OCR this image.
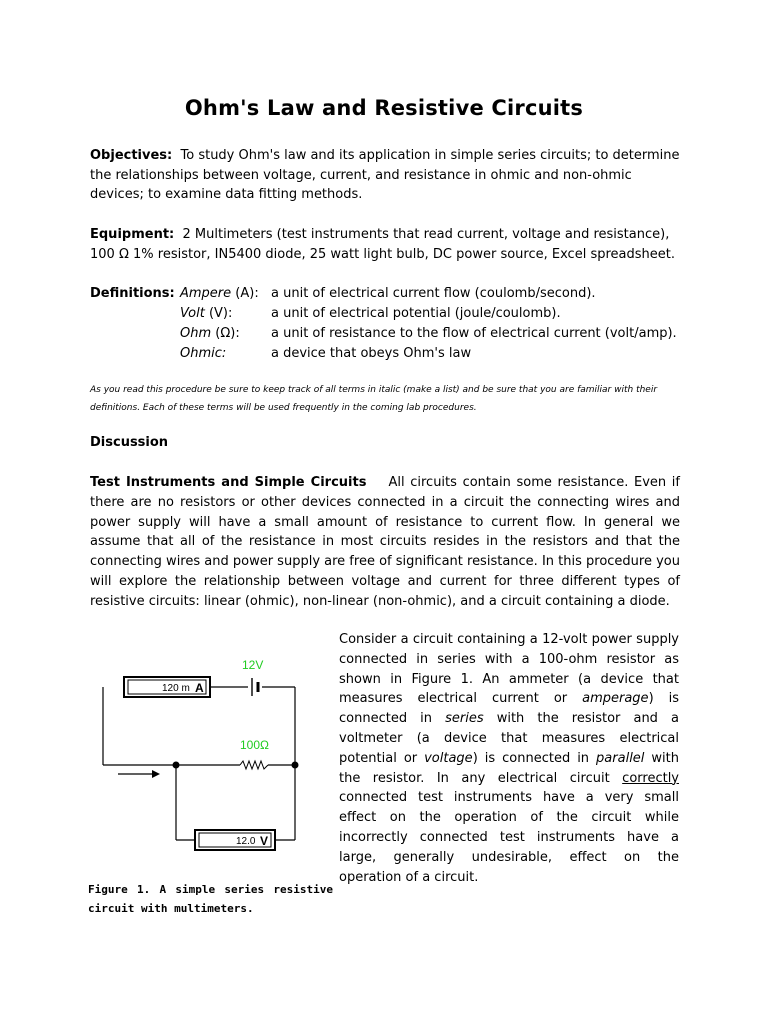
Ohm's Law and Resistive Circuits

Objectives: To study Ohm's law and its application in simple series circuits; to determine the relationships between voltage, current, and resistance in ohmic and non-ohmic devices; to examine data fitting methods.

Equipment: 2 Multimeters (test instruments that read current, voltage and resistance), 100 Ω 1% resistor, IN5400 diode, 25 watt light bulb, DC power source, Excel spreadsheet.

Definitions: Ampere (A): a unit of electrical current flow (coulomb/second).
Volt (V):	a unit of electrical potential (joule/coulomb).
Ohm (Ω): a unit of resistance to the flow of electrical current (volt/amp).
Ohmic:	a device that obeys Ohm's law

As you read this procedure be sure to keep track of all terms in italic (make a list) and be sure that you are familiar with their definitions. Each of these terms will be used frequently in the coming lab procedures.

Discussion

Test Instruments and Simple Circuits All circuits contain some resistance. Even if there are no resistors or other devices connected in a circuit the connecting wires and power supply will have a small amount of resistance to current flow. In general we assume that all of the resistance in most circuits resides in the resistors and that the connecting wires and power supply are free of significant resistance. In this procedure you will explore the relationship between voltage and current for three different types of resistive circuits: linear (ohmic), non-linear (non-ohmic), and a circuit containing a diode.

Consider a circuit containing a 12-volt power supply connected in series with a 100-ohm resistor as shown in Figure 1. An ammeter (a device that measures electrical current or amperage) is connected in series with the resistor and a voltmeter (a device that measures electrical potential or voltage) is connected in parallel with the resistor. In any electrical circuit correctly connected test instruments have a very small effect on the operation of the circuit while incorrectly connected test instruments have a large, generally undesirable, effect on the operation of a circuit.

12V
100Ω
120 m A
12.0 V

Figure 1. A simple series resistive circuit with multimeters.
